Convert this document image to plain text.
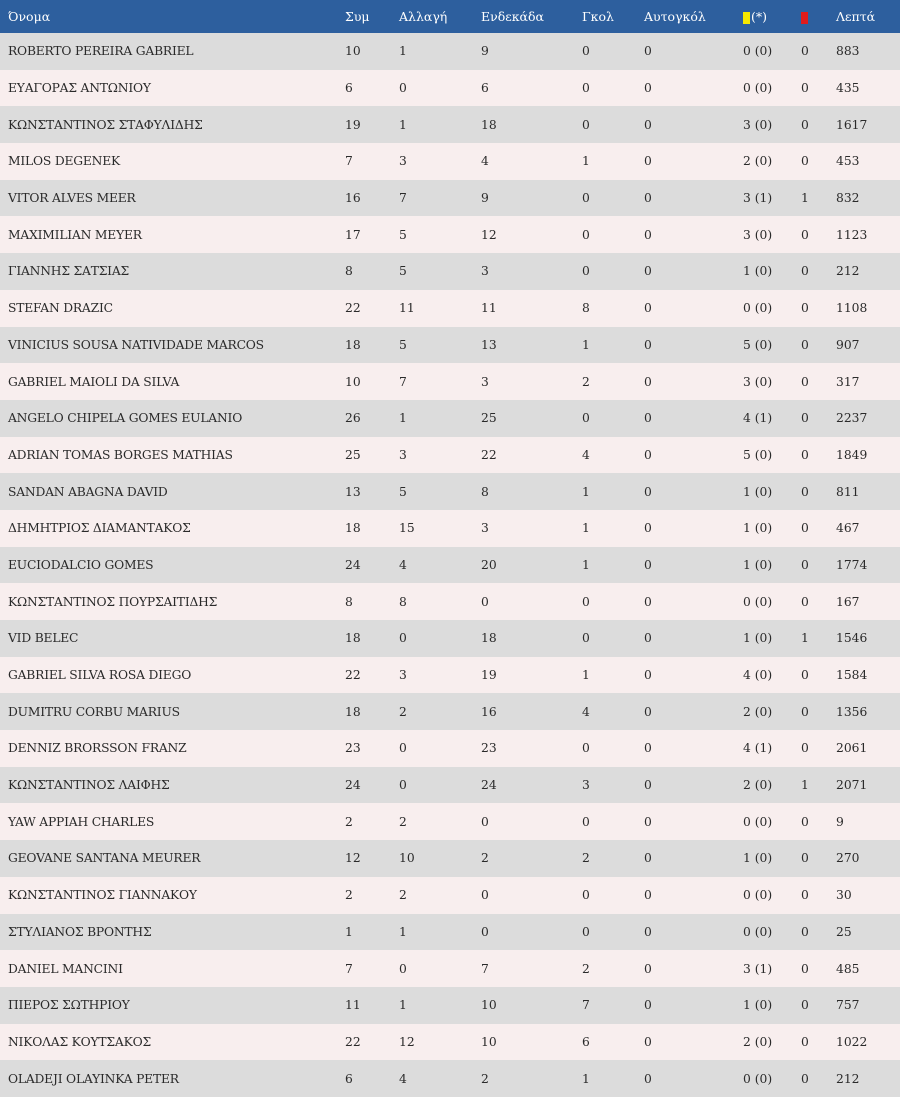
Όνομα	Συμ	Αλλαγή	Ενδεκάδα	Γκολ	Αυτογκόλ	(*)		Λεπτά
ROBERTO PEREIRA GABRIEL	10	1	9	0	0	0 (0)	0	883
ΕΥΑΓΟΡΑΣ ΑΝΤΩΝΙΟΥ	6	0	6	0	0	0 (0)	0	435
ΚΩΝΣΤΑΝΤΙΝΟΣ ΣΤΑΦΥΛΙΔΗΣ	19	1	18	0	0	3 (0)	0	1617
MILOS DEGENEK	7	3	4	1	0	2 (0)	0	453
VITOR ALVES MEER	16	7	9	0	0	3 (1)	1	832
MAXIMILIAN MEYER	17	5	12	0	0	3 (0)	0	1123
ΓΙΑΝΝΗΣ ΣΑΤΣΙΑΣ	8	5	3	0	0	1 (0)	0	212
STEFAN DRAZIC	22	11	11	8	0	0 (0)	0	1108
VINICIUS SOUSA NATIVIDADE MARCOS	18	5	13	1	0	5 (0)	0	907
GABRIEL MAIOLI DA SILVA	10	7	3	2	0	3 (0)	0	317
ANGELO CHIPELA GOMES EULANIO	26	1	25	0	0	4 (1)	0	2237
ADRIAN TOMAS BORGES MATHIAS	25	3	22	4	0	5 (0)	0	1849
SANDAN ABAGNA DAVID	13	5	8	1	0	1 (0)	0	811
ΔΗΜΗΤΡΙΟΣ ΔΙΑΜΑΝΤΑΚΟΣ	18	15	3	1	0	1 (0)	0	467
EUCIODALCIO GOMES	24	4	20	1	0	1 (0)	0	1774
ΚΩΝΣΤΑΝΤΙΝΟΣ ΠΟΥΡΣΑΙΤΙΔΗΣ	8	8	0	0	0	0 (0)	0	167
VID BELEC	18	0	18	0	0	1 (0)	1	1546
GABRIEL SILVA ROSA DIEGO	22	3	19	1	0	4 (0)	0	1584
DUMITRU CORBU MARIUS	18	2	16	4	0	2 (0)	0	1356
DENNIZ BRORSSON FRANZ	23	0	23	0	0	4 (1)	0	2061
ΚΩΝΣΤΑΝΤΙΝΟΣ ΛΑΙΦΗΣ	24	0	24	3	0	2 (0)	1	2071
YAW APPIAH CHARLES	2	2	0	0	0	0 (0)	0	9
GEOVANE SANTANA MEURER	12	10	2	2	0	1 (0)	0	270
ΚΩΝΣΤΑΝΤΙΝΟΣ ΓΙΑΝΝΑΚΟΥ	2	2	0	0	0	0 (0)	0	30
ΣΤΥΛΙΑΝΟΣ ΒΡΟΝΤΗΣ	1	1	0	0	0	0 (0)	0	25
DANIEL MANCINI	7	0	7	2	0	3 (1)	0	485
ΠΙΕΡΟΣ ΣΩΤΗΡΙΟΥ	11	1	10	7	0	1 (0)	0	757
ΝΙΚΟΛΑΣ ΚΟΥΤΣΑΚΟΣ	22	12	10	6	0	2 (0)	0	1022
OLADEJI OLAYINKA PETER	6	4	2	1	0	0 (0)	0	212
